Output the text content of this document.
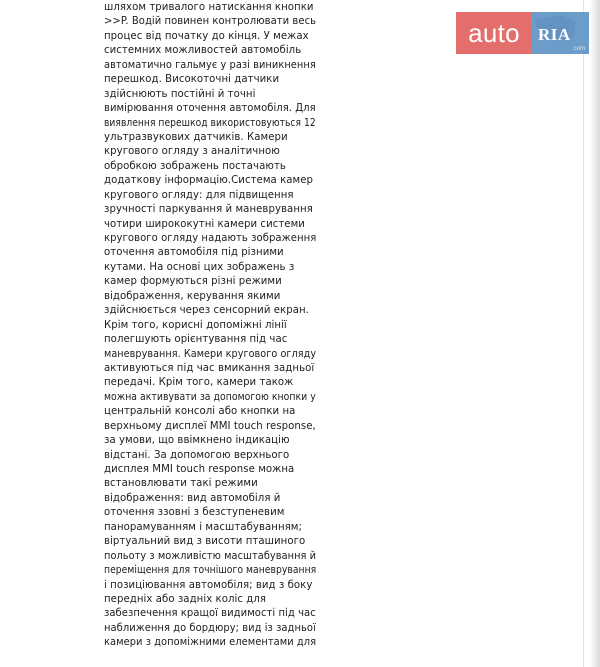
шляхом тривалого натискання кнопки
>>P. Водій повинен контролювати весь
процес від початку до кінця. У межах
системних можливостей автомобіль
автоматично гальмує у разі виникнення
перешкод. Високоточні датчики
здійснюють постійні й точні
вимірювання оточення автомобіля. Для
виявлення перешкод використовуються 12
ультразвукових датчиків. Камери
кругового огляду з аналітичною
обробкою зображень постачають
додаткову інформацію.Система камер
кругового огляду: для підвищення
зручності паркування й маневрування
чотири ширококутні камери системи
кругового огляду надають зображення
оточення автомобіля під різними
кутами. На основі цих зображень з
камер формуються різні режими
відображення, керування якими
здійснюється через сенсорний екран.
Крім того, корисні допоміжні лінії
полегшують орієнтування під час
маневрування. Камери кругового огляду
активуються під час вмикання задньої
передачі. Крім того, камери також
можна активувати за допомогою кнопки у
центральній консолі або кнопки на
верхньому дисплеї MMI touch response,
за умови, що ввімкнено індикацію
відстані. За допомогою верхнього
дисплея MMI touch response можна
встановлювати такі режими
відображення: вид автомобіля й
оточення ззовні з безступеневим
панорамуванням і масштабуванням;
віртуальний вид з висоти пташиного
польоту з можливістю масштабування й
переміщення для точнішого маневрування
і позиціювання автомобіля; вид з боку
передніх або задніх коліс для
забезпечення кращої видимості під час
наближення до бордюру; вид із задньої
камери з допоміжними елементами для
auto	RIA
.com
